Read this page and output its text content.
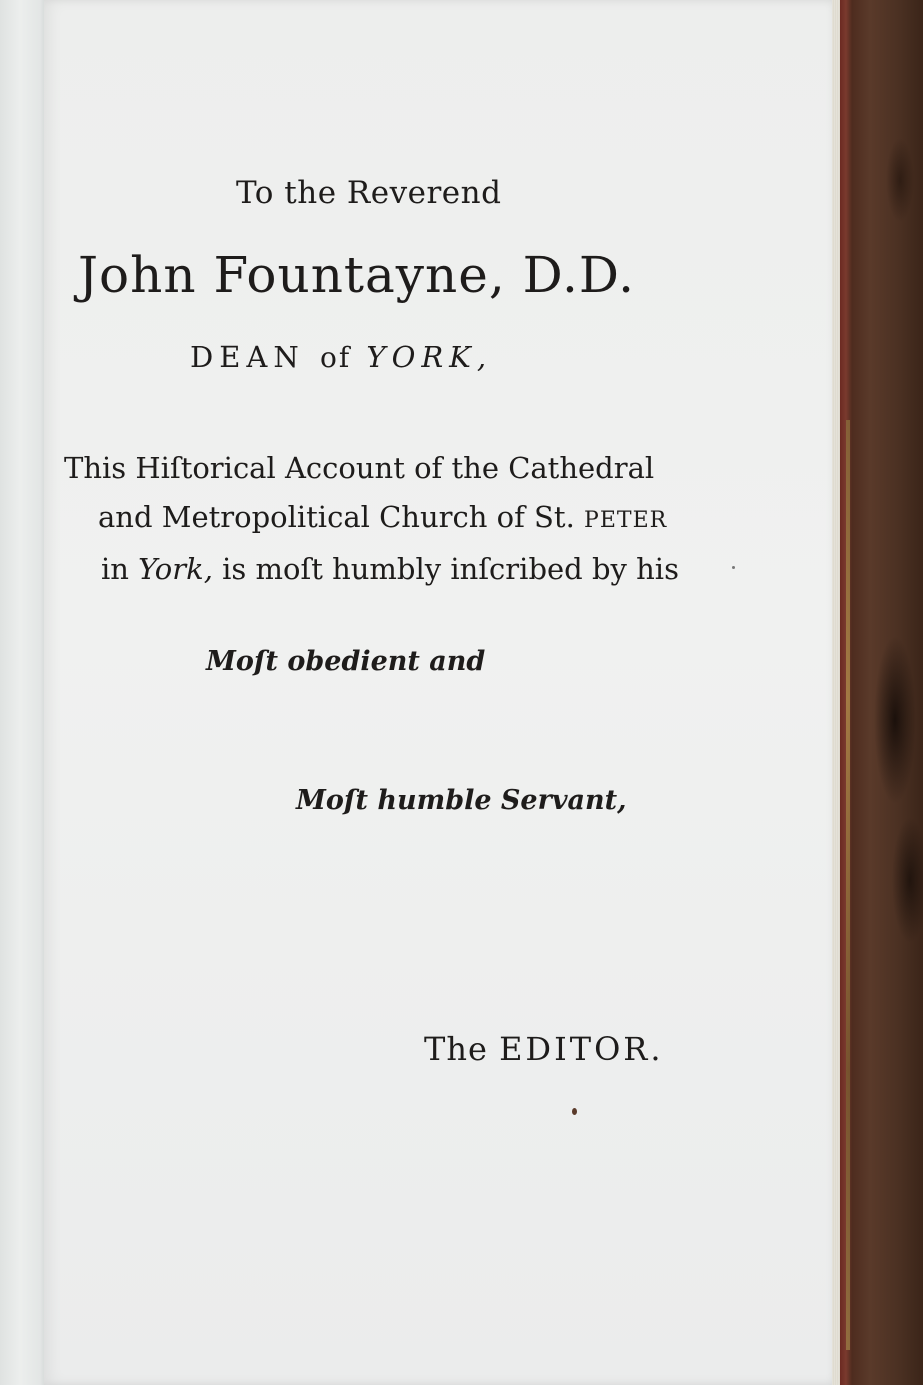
To the Reverend
John Fountayne, D.D.
DEAN of YORK,
This Hiſtorical Account of the Cathedral
and Metropolitical Church of St. PETER
in York, is moſt humbly inſcribed by his
Moſt obedient and
Moſt humble Servant,
The EDITOR.
